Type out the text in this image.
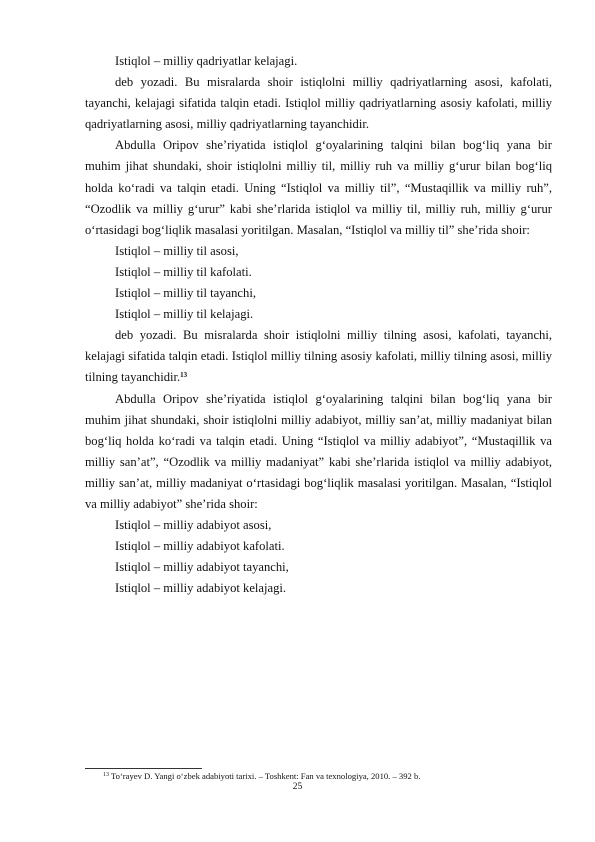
Istiqlol – milliy qadriyatlar kelajagi.

deb yozadi. Bu misralarda shoir istiqlolni milliy qadriyatlarning asosi, kafolati, tayanchi, kelajagi sifatida talqin etadi. Istiqlol milliy qadriyatlarning asosiy kafolati, milliy qadriyatlarning asosi, milliy qadriyatlarning tayanchidir.

Abdulla Oripov she’riyatida istiqlol g‘oyalarining talqini bilan bog‘liq yana bir muhim jihat shundaki, shoir istiqlolni milliy til, milliy ruh va milliy g‘urur bilan bog‘liq holda ko‘radi va talqin etadi. Uning “Istiqlol va milliy til”, “Mustaqillik va milliy ruh”, “Ozodlik va milliy g‘urur” kabi she’rlarida istiqlol va milliy til, milliy ruh, milliy g‘urur o‘rtasidagi bog‘liqlik masalasi yoritilgan. Masalan, “Istiqlol va milliy til” she’rida shoir:

Istiqlol – milliy til asosi,

Istiqlol – milliy til kafolati.

Istiqlol – milliy til tayanchi,

Istiqlol – milliy til kelajagi.

deb yozadi. Bu misralarda shoir istiqlolni milliy tilning asosi, kafolati, tayanchi, kelajagi sifatida talqin etadi. Istiqlol milliy tilning asosiy kafolati, milliy tilning asosi, milliy tilning tayanchidir.$^{13}$

Abdulla Oripov she’riyatida istiqlol g‘oyalarining talqini bilan bog‘liq yana bir muhim jihat shundaki, shoir istiqlolni milliy adabiyot, milliy san’at, milliy madaniyat bilan bog‘liq holda ko‘radi va talqin etadi. Uning “Istiqlol va milliy adabiyot”, “Mustaqillik va milliy san’at”, “Ozodlik va milliy madaniyat” kabi she’rlarida istiqlol va milliy adabiyot, milliy san’at, milliy madaniyat o‘rtasidagi bog‘liqlik masalasi yoritilgan. Masalan, “Istiqlol va milliy adabiyot” she’rida shoir:

Istiqlol – milliy adabiyot asosi,

Istiqlol – milliy adabiyot kafolati.

Istiqlol – milliy adabiyot tayanchi,

Istiqlol – milliy adabiyot kelajagi.

$^{13}$ To‘rayev D. Yangi o‘zbek adabiyoti tarixi. – Toshkent: Fan va texnologiya, 2010. – 392 b.
25
